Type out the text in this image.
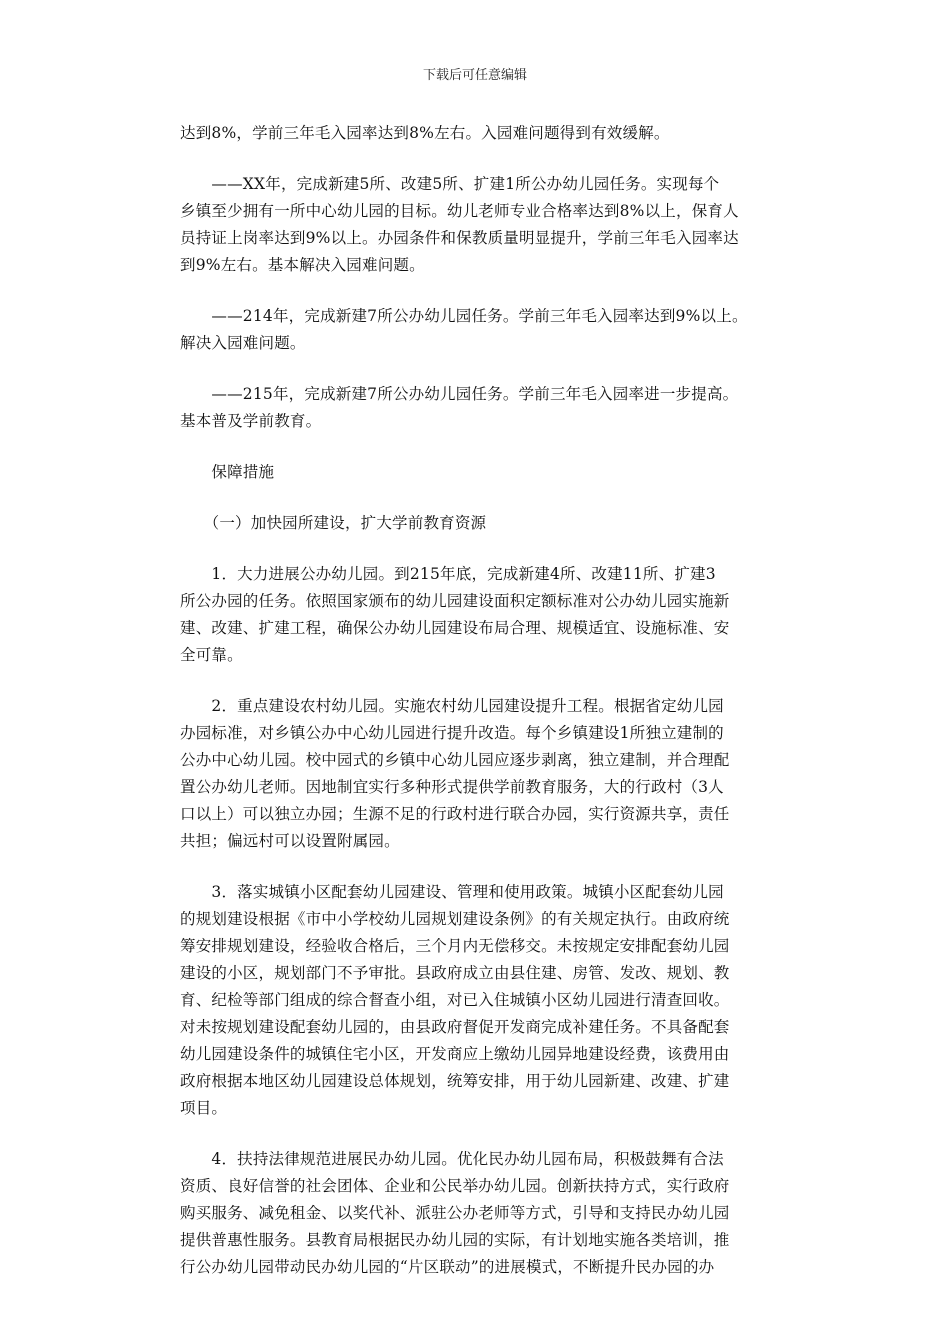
下载后可任意编辑
达到8%，学前三年毛入园率达到8%左右。入园难问题得到有效缓解。
　　——XX年，完成新建5所、改建5所、扩建1所公办幼儿园任务。实现每个
乡镇至少拥有一所中心幼儿园的目标。幼儿老师专业合格率达到8%以上，保育人
员持证上岗率达到9%以上。办园条件和保教质量明显提升，学前三年毛入园率达
到9%左右。基本解决入园难问题。
　　——214年，完成新建7所公办幼儿园任务。学前三年毛入园率达到9%以上。
解决入园难问题。
　　——215年，完成新建7所公办幼儿园任务。学前三年毛入园率进一步提高。
基本普及学前教育。
　　保障措施
　　（一）加快园所建设，扩大学前教育资源
　　1．大力进展公办幼儿园。到215年底，完成新建4所、改建11所、扩建3
所公办园的任务。依照国家颁布的幼儿园建设面积定额标准对公办幼儿园实施新
建、改建、扩建工程，确保公办幼儿园建设布局合理、规模适宜、设施标准、安
全可靠。
　　2．重点建设农村幼儿园。实施农村幼儿园建设提升工程。根据省定幼儿园
办园标准，对乡镇公办中心幼儿园进行提升改造。每个乡镇建设1所独立建制的
公办中心幼儿园。校中园式的乡镇中心幼儿园应逐步剥离，独立建制，并合理配
置公办幼儿老师。因地制宜实行多种形式提供学前教育服务，大的行政村（3人
口以上）可以独立办园；生源不足的行政村进行联合办园，实行资源共享，责任
共担；偏远村可以设置附属园。
　　3．落实城镇小区配套幼儿园建设、管理和使用政策。城镇小区配套幼儿园
的规划建设根据《市中小学校幼儿园规划建设条例》的有关规定执行。由政府统
筹安排规划建设，经验收合格后，三个月内无偿移交。未按规定安排配套幼儿园
建设的小区，规划部门不予审批。县政府成立由县住建、房管、发改、规划、教
育、纪检等部门组成的综合督查小组，对已入住城镇小区幼儿园进行清查回收。
对未按规划建设配套幼儿园的，由县政府督促开发商完成补建任务。不具备配套
幼儿园建设条件的城镇住宅小区，开发商应上缴幼儿园异地建设经费，该费用由
政府根据本地区幼儿园建设总体规划，统筹安排，用于幼儿园新建、改建、扩建
项目。
　　4．扶持法律规范进展民办幼儿园。优化民办幼儿园布局，积极鼓舞有合法
资质、良好信誉的社会团体、企业和公民举办幼儿园。创新扶持方式，实行政府
购买服务、减免租金、以奖代补、派驻公办老师等方式，引导和支持民办幼儿园
提供普惠性服务。县教育局根据民办幼儿园的实际，有计划地实施各类培训，推
行公办幼儿园带动民办幼儿园的“片区联动”的进展模式，不断提升民办园的办
